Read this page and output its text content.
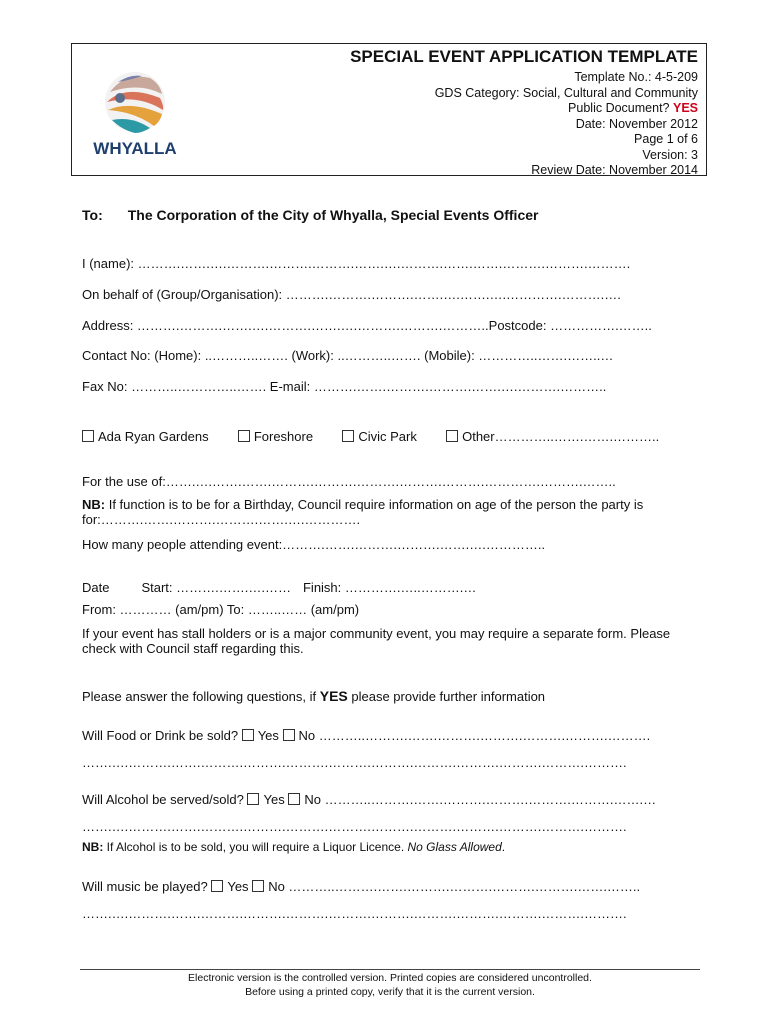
WHYALLA
SPECIAL EVENT APPLICATION TEMPLATE
Template No.: 4-5-209
GDS Category: Social, Cultural and Community
Public Document? YES
Date: November 2012
Page 1 of 6
Version: 3
Review Date: November 2014
To: The Corporation of the City of Whyalla, Special Events Officer
I (name): ……….…….….……….……….……….…….….……….…….…….……….……….……….
On behalf of (Group/Organisation): ……….……….……….…….….…….….………….……….….
Address: ……….……….…….….……….…….….……….……….………..Postcode: …………….……..
Contact No: (Home): ..………..……. (Work): ..………..……. (Mobile): …………..…….……..…
Fax No: ………..…………..……. E-mail: ……….…….……….……….…….….……….………..
Ada Ryan Gardens	Foreshore	Civic Park	Other…………..…….…….………..
For the use of:…….….…….…….……….……….……….……….……….………….……….……..
NB: If function is to be for a Birthday, Council require information on age of the person the party is for:……….…….……….……….…….….………….
How many people attending event:……….…….……….……….…….….…………..
Date Start: ……….…….….…… Finish: ………….…..……….…
From: ………… (am/pm) To: ……..…… (am/pm)
If your event has stall holders or is a major community event, you may require a separate form. Please check with Council staff regarding this.
Please answer the following questions, if YES please provide further information
Will Food or Drink be sold? Yes No ………..……….…….……….……….……….……….……….
…….….……….…….……….……….……….……….……….……….……….……….……….……….
Will Alcohol be served/sold? Yes No ………..……….…….……….……….……….……….…….…
…….….……….…….……….……….……….……….……….……….……….……….……….……….
NB: If Alcohol is to be sold, you will require a Liquor Licence. No Glass Allowed.
Will music be played? Yes No ………..……….…….……….……….……….……….…….……..
…….….……….…….……….……….……….……….……….……….……….……….……….……….
Electronic version is the controlled version. Printed copies are considered uncontrolled.
Before using a printed copy, verify that it is the current version.
